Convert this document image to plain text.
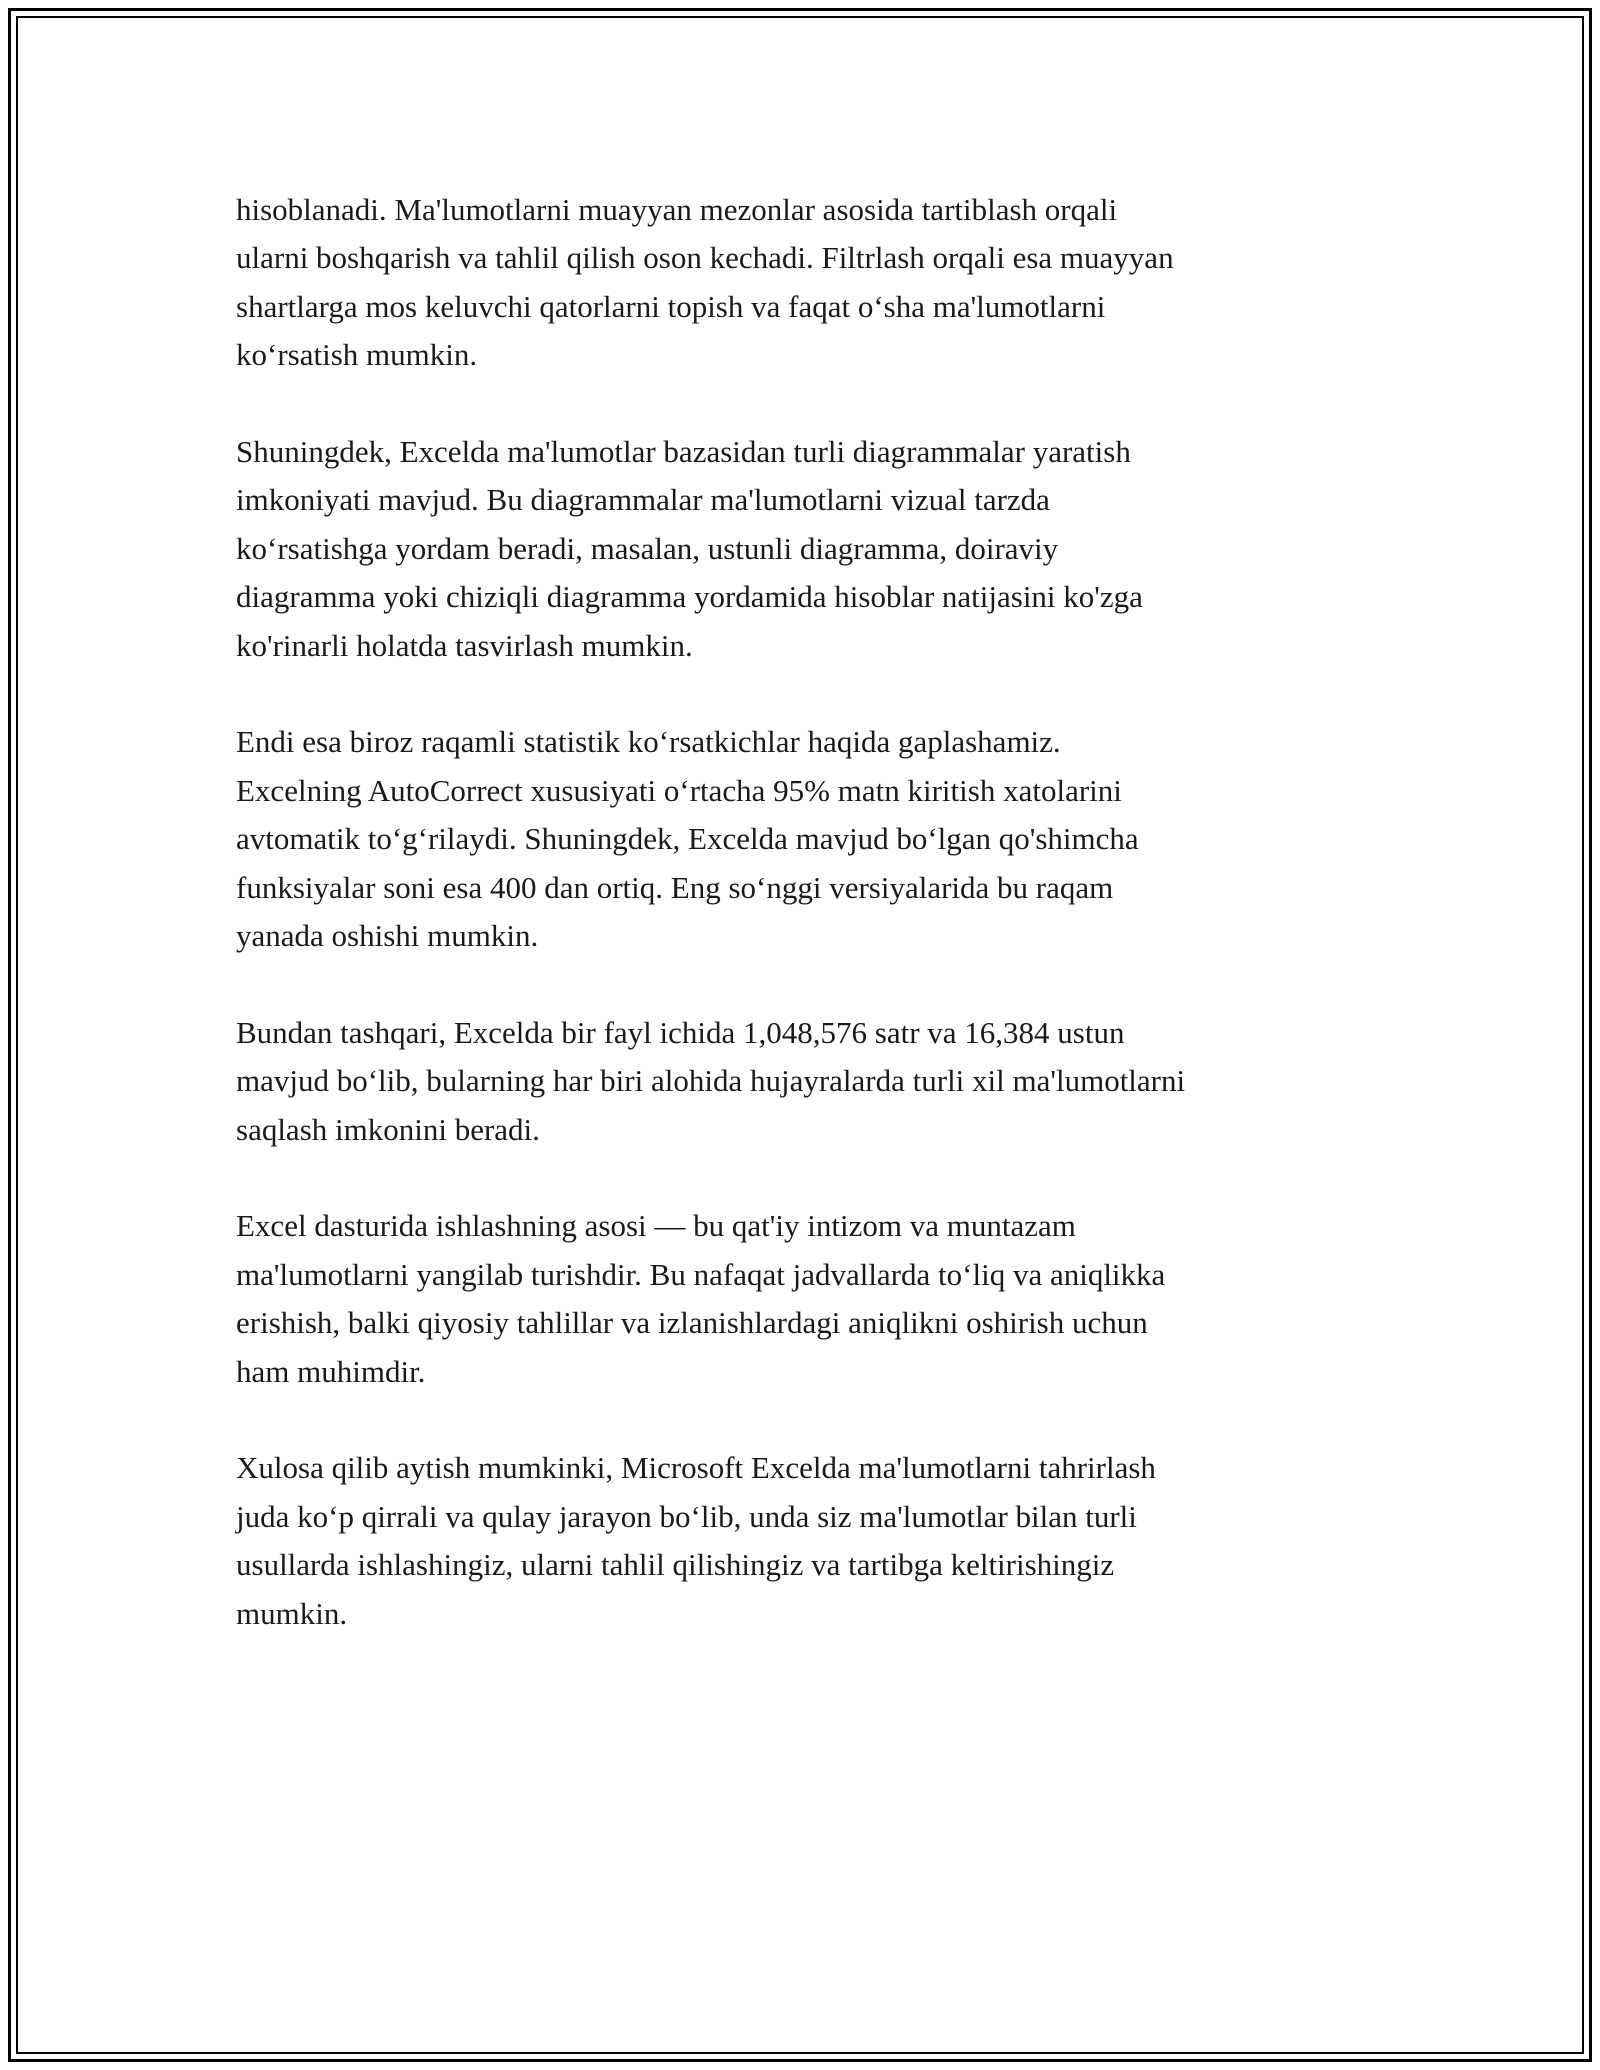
hisoblanadi. Ma'lumotlarni muayyan mezonlar asosida tartiblash orqali
ularni boshqarish va tahlil qilish oson kechadi. Filtrlash orqali esa muayyan
shartlarga mos keluvchi qatorlarni topish va faqat o‘sha ma'lumotlarni
ko‘rsatish mumkin.

Shuningdek, Excelda ma'lumotlar bazasidan turli diagrammalar yaratish
imkoniyati mavjud. Bu diagrammalar ma'lumotlarni vizual tarzda
ko‘rsatishga yordam beradi, masalan, ustunli diagramma, doiraviy
diagramma yoki chiziqli diagramma yordamida hisoblar natijasini ko'zga
ko'rinarli holatda tasvirlash mumkin.

Endi esa biroz raqamli statistik ko‘rsatkichlar haqida gaplashamiz.
Excelning AutoCorrect xususiyati o‘rtacha 95% matn kiritish xatolarini
avtomatik to‘g‘rilaydi. Shuningdek, Excelda mavjud bo‘lgan qo'shimcha
funksiyalar soni esa 400 dan ortiq. Eng so‘nggi versiyalarida bu raqam
yanada oshishi mumkin.

Bundan tashqari, Excelda bir fayl ichida 1,048,576 satr va 16,384 ustun
mavjud bo‘lib, bularning har biri alohida hujayralarda turli xil ma'lumotlarni
saqlash imkonini beradi.

Excel dasturida ishlashning asosi — bu qat'iy intizom va muntazam
ma'lumotlarni yangilab turishdir. Bu nafaqat jadvallarda to‘liq va aniqlikka
erishish, balki qiyosiy tahlillar va izlanishlardagi aniqlikni oshirish uchun
ham muhimdir.

Xulosa qilib aytish mumkinki, Microsoft Excelda ma'lumotlarni tahrirlash
juda ko‘p qirrali va qulay jarayon bo‘lib, unda siz ma'lumotlar bilan turli
usullarda ishlashingiz, ularni tahlil qilishingiz va tartibga keltirishingiz
mumkin.
